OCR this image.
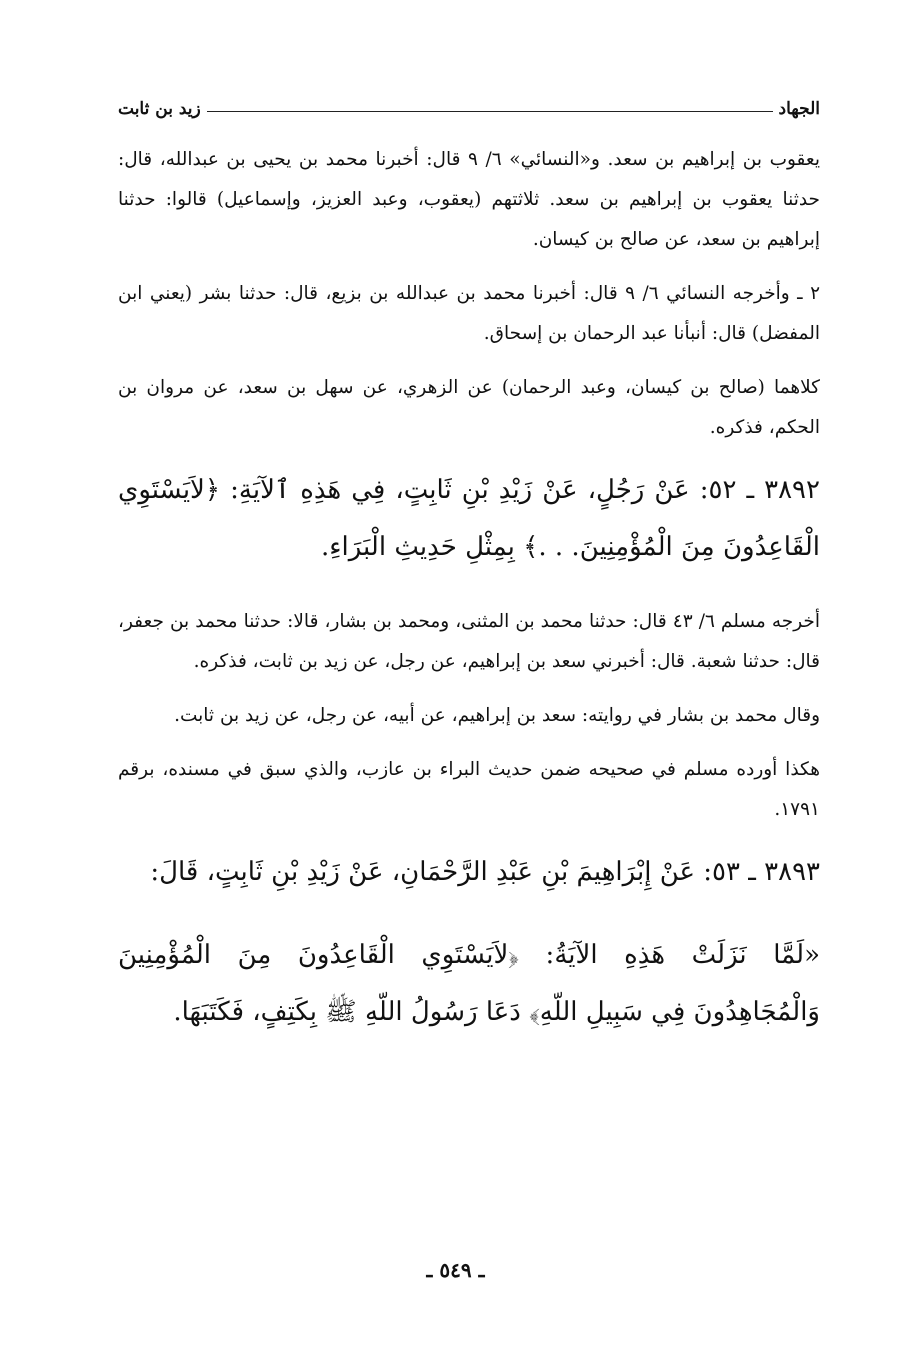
الجهاد
زيد بن ثابت

يعقوب بن إبراهيم بن سعد. و«النسائي» ٦/ ٩ قال: أخبرنا محمد بن يحيى بن عبدالله، قال: حدثنا يعقوب بن إبراهيم بن سعد. ثلاثتهم (يعقوب، وعبد العزيز، وإسماعيل) قالوا: حدثنا إبراهيم بن سعد، عن صالح بن كيسان.

٢ ـ وأخرجه النسائي ٦/ ٩ قال: أخبرنا محمد بن عبدالله بن بزيع، قال: حدثنا بشر (يعني ابن المفضل) قال: أنبأنا عبد الرحمان بن إسحاق.

كلاهما (صالح بن كيسان، وعبد الرحمان) عن الزهري، عن سهل بن سعد، عن مروان بن الحكم، فذكره.

٣٨٩٢ ـ ٥٢: عَنْ رَجُلٍ، عَنْ زَيْدِ بْنِ ثَابِتٍ، فِي هَذِهِ ٱلآيَةِ: ﴿لاَيَسْتَوِي الْقَاعِدُونَ مِنَ الْمُؤْمِنِينَ. . .﴾ بِمِثْلِ حَدِيثِ الْبَرَاءِ.

أخرجه مسلم ٦/ ٤٣ قال: حدثنا محمد بن المثنى، ومحمد بن بشار، قالا: حدثنا محمد بن جعفر، قال: حدثنا شعبة. قال: أخبرني سعد بن إبراهيم، عن رجل، عن زيد بن ثابت، فذكره.

وقال محمد بن بشار في روايته: سعد بن إبراهيم، عن أبيه، عن رجل، عن زيد بن ثابت.

هكذا أورده مسلم في صحيحه ضمن حديث البراء بن عازب، والذي سبق في مسنده، برقم ١٧٩١.

٣٨٩٣ ـ ٥٣: عَنْ إِبْرَاهِيمَ بْنِ عَبْدِ الرَّحْمَانِ، عَنْ زَيْدِ بْنِ ثَابِتٍ، قَالَ:

«لَمَّا نَزَلَتْ هَذِهِ الآيَةُ: ﴿لاَيَسْتَوِي الْقَاعِدُونَ مِنَ الْمُؤْمِنِينَ وَالْمُجَاهِدُونَ فِي سَبِيلِ اللّهِ﴾ دَعَا رَسُولُ اللّهِ ﷺ بِكَتِفٍ، فَكَتَبَهَا.

ـ ٥٤٩ ـ
